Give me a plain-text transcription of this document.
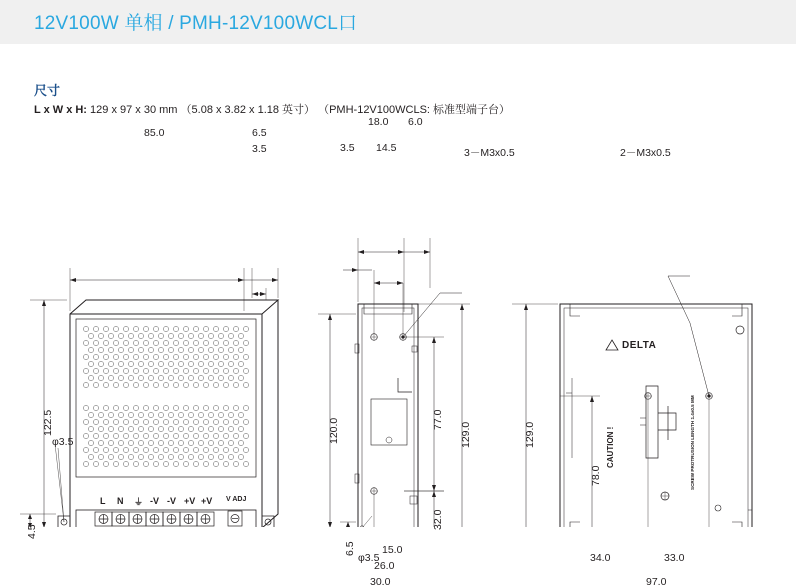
12V100W 单相 / PMH-12V100WCL口
尺寸
L x W x H: 129 x 97 x 30 mm （5.08 x 3.82 x 1.18 英寸） （PMH-12V100WCLS: 标准型端子台）
85.0	6.5
3.5
122.5
4.5
φ3.5
L N ⏚ -V -V +V +V V ADJ
18.0 6.0
3.5 14.5	3－M3x0.5
120.0	77.0
129.0
32.0
6.5
φ3.5
15.0
26.0
30.0
2－M3x0.5
129.0
78.0
34.0	33.0
97.0
DELTA
CAUTION !	SCREW PROTRUSION LENGTH 1.4±0.5 MM
